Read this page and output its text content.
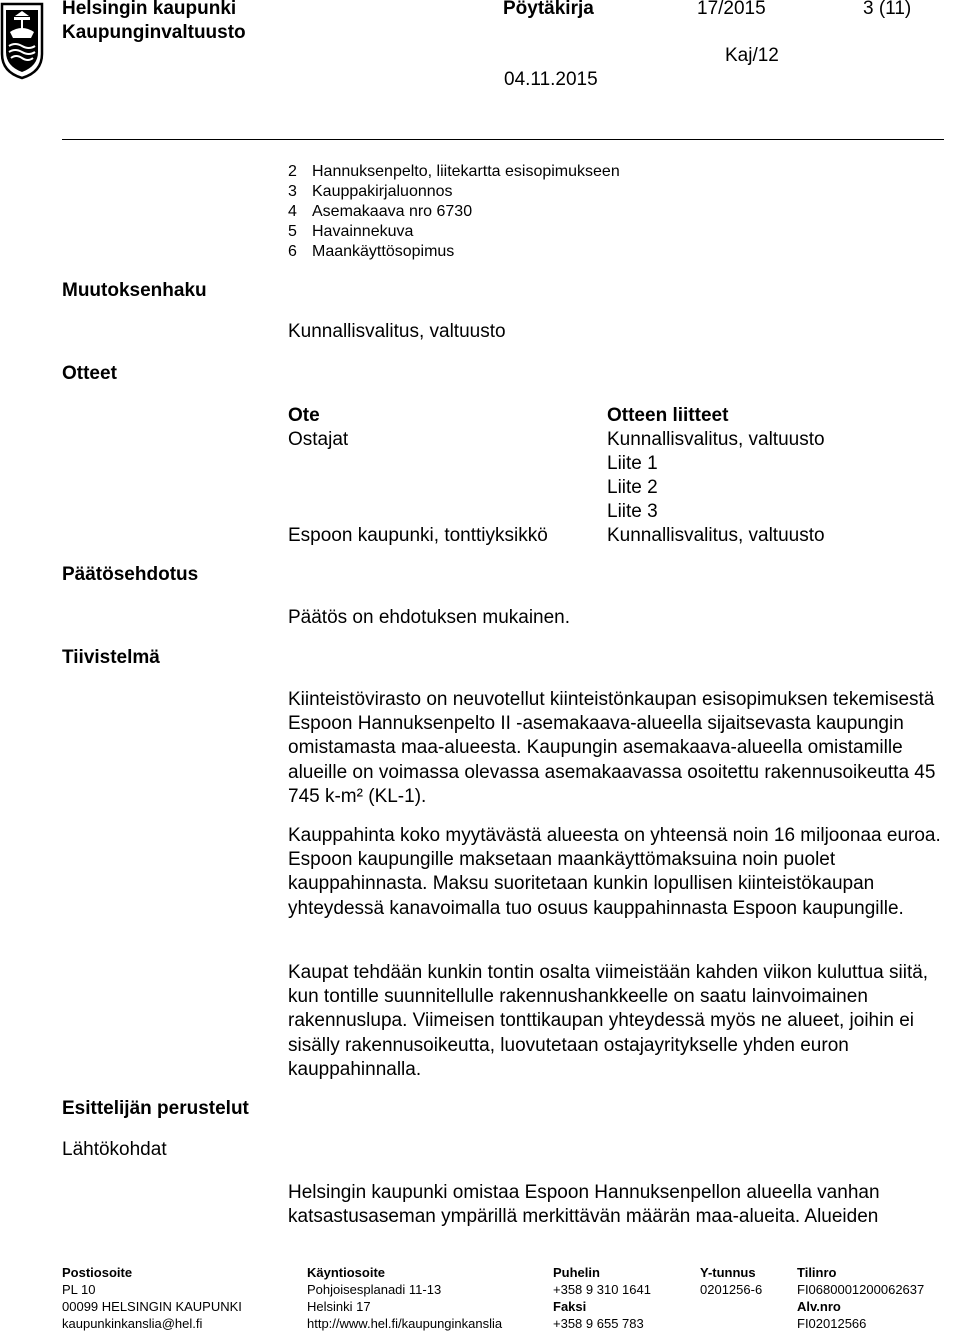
Helsingin kaupunki
Kaupunginvaltuusto
Pöytäkirja	17/2015	3 (11)
Kaj/12
04.11.2015
2 Hannuksenpelto, liitekartta esisopimukseen
3 Kauppakirjaluonnos
4 Asemakaava nro 6730
5 Havainnekuva
6 Maankäyttösopimus
Muutoksenhaku
Otteet
Päätösehdotus
Tiivistelmä
Esittelijän perustelut
Lähtökohdat
Kunnallisvalitus, valtuusto
Ote
Ostajat
Espoon kaupunki, tonttiyksikkö
Otteen liitteet
Kunnallisvalitus, valtuusto
Liite 1
Liite 2
Liite 3
Kunnallisvalitus, valtuusto
Päätös on ehdotuksen mukainen.

Kiinteistövirasto on neuvotellut kiinteistönkaupan esisopimuksen tekemisestä Espoon Hannuksenpelto II -asemakaava-alueella sijaitsevasta kaupungin omistamasta maa-alueesta. Kaupungin asemakaava-alueella omistamille alueille on voimassa olevassa asemakaavassa osoitettu rakennusoikeutta 45 745 k-m² (KL-1).

Kauppahinta koko myytävästä alueesta on yhteensä noin 16 miljoonaa euroa. Espoon kaupungille maksetaan maankäyttömaksuina noin puolet kauppahinnasta. Maksu suoritetaan kunkin lopullisen kiinteistökaupan yhteydessä kanavoimalla tuo osuus kauppahinnasta Espoon kaupungille.

Kaupat tehdään kunkin tontin osalta viimeistään kahden viikon kuluttua siitä, kun tontille suunnitellulle rakennushankkeelle on saatu lainvoimainen rakennuslupa. Viimeisen tonttikaupan yhteydessä myös ne alueet, joihin ei sisälly rakennusoikeutta, luovutetaan ostajayritykselle yhden euron kauppahinnalla.

Helsingin kaupunki omistaa Espoon Hannuksenpellon alueella vanhan katsastusaseman ympärillä merkittävän määrän maa-alueita. Alueiden

Postiosoite
PL 10
00099 HELSINGIN KAUPUNKI
kaupunkinkanslia@hel.fi
Käyntiosoite
Pohjoisesplanadi 11-13
Helsinki 17
http://www.hel.fi/kaupunginkanslia
Puhelin
+358 9 310 1641
Faksi
+358 9 655 783
Y-tunnus
0201256-6
Tilinro
FI0680001200062637
Alv.nro
FI02012566
